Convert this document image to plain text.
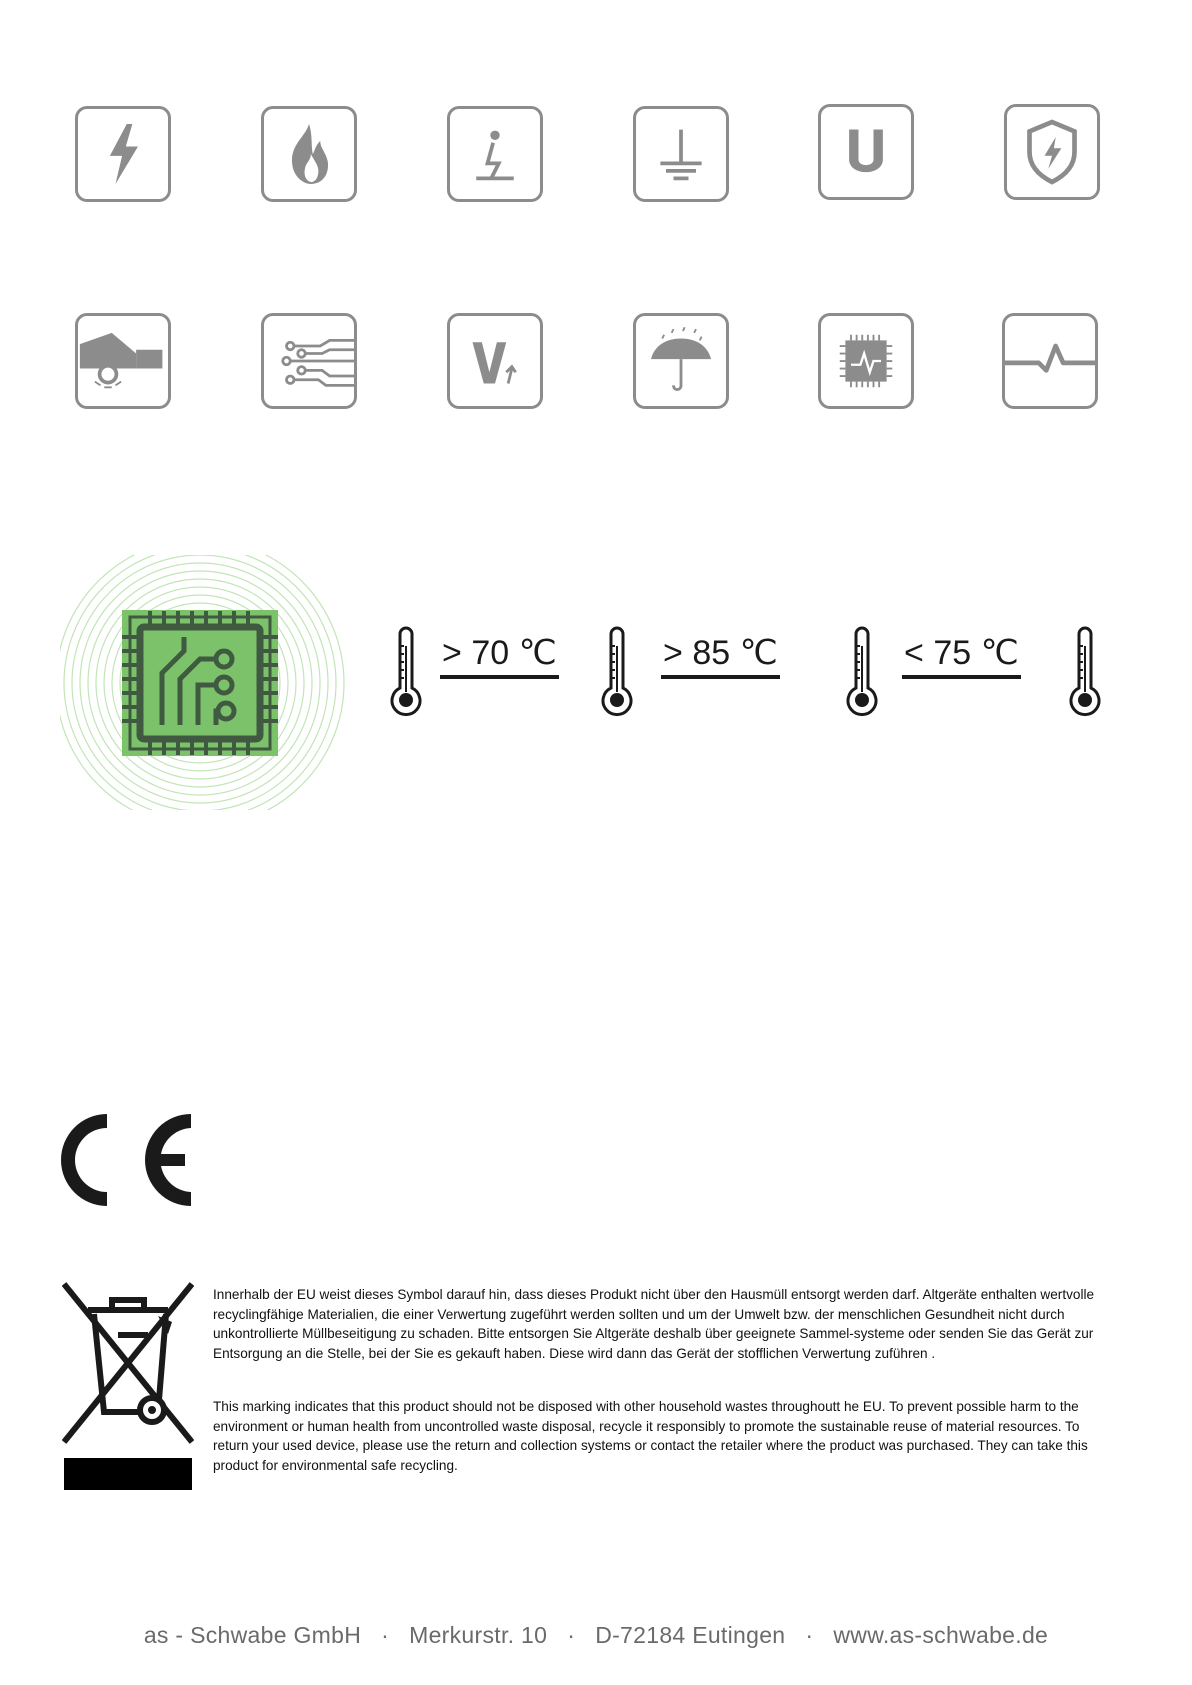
> 70 ℃	> 85 ℃	< 75 ℃
Innerhalb der EU weist dieses Symbol darauf hin, dass dieses Produkt nicht über den Hausmüll entsorgt werden darf. Altgeräte enthalten wertvolle recyclingfähige Materialien, die einer Verwertung zugeführt werden sollten und um der Umwelt bzw. der menschlichen Gesundheit nicht durch unkontrollierte Müllbeseitigung zu schaden. Bitte entsorgen Sie Altgeräte deshalb über geeignete Sammel-systeme oder senden Sie das Gerät zur Entsorgung an die Stelle, bei der Sie es gekauft haben. Diese wird dann das Gerät der stofflichen Verwertung zuführen .
This marking indicates that this product should not be disposed with other household wastes throughoutt he EU. To prevent possible harm to the environment or human health from uncontrolled waste disposal, recycle it responsibly to promote the sustainable reuse of material resources. To return your used device, please use the return and collection systems or contact the retailer where the product was purchased. They can take this product for environmental safe recycling.
as - Schwabe GmbH · Merkurstr. 10 · D-72184 Eutingen · www.as-schwabe.de
